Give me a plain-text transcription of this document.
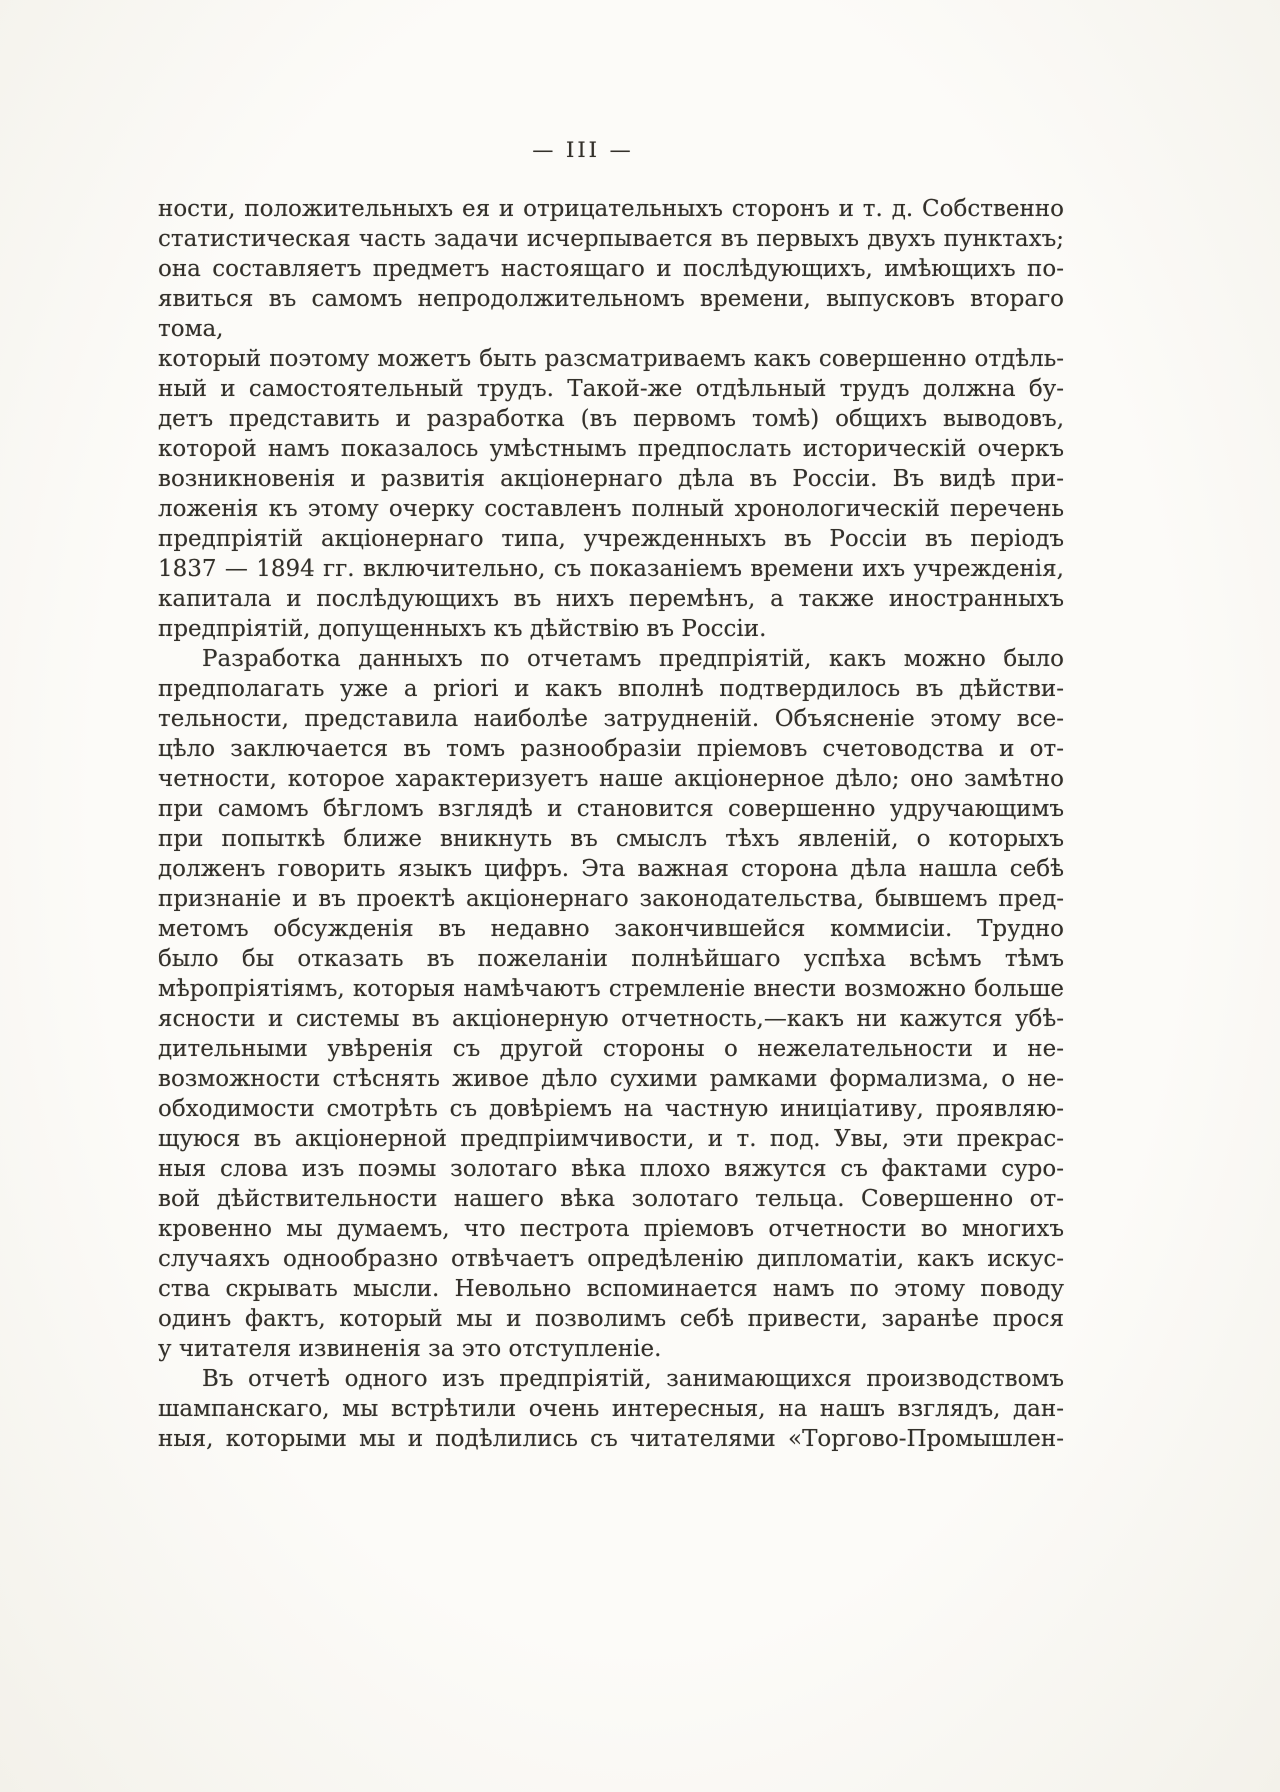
— III —
ности, положительныхъ ея и отрицательныхъ сторонъ и т. д. Собственно
статистическая часть задачи исчерпывается въ первыхъ двухъ пунктахъ;
она составляетъ предметъ настоящаго и послѣдующихъ, имѣющихъ по-
явиться въ самомъ непродолжительномъ времени, выпусковъ втораго тома,
который поэтому можетъ быть разсматриваемъ какъ совершенно отдѣль-
ный и самостоятельный трудъ. Такой-же отдѣльный трудъ должна бу-
детъ представить и разработка (въ первомъ томѣ) общихъ выводовъ,
которой намъ показалось умѣстнымъ предпослать историческій очеркъ
возникновенія и развитія акціонернаго дѣла въ Россіи. Въ видѣ при-
ложенія къ этому очерку составленъ полный хронологическій перечень
предпріятій акціонернаго типа, учрежденныхъ въ Россіи въ періодъ
1837 — 1894 гг. включительно, съ показаніемъ времени ихъ учрежденія,
капитала и послѣдующихъ въ нихъ перемѣнъ, а также иностранныхъ
предпріятій, допущенныхъ къ дѣйствію въ Россіи.
Разработка данныхъ по отчетамъ предпріятій, какъ можно было
предполагать уже a priori и какъ вполнѣ подтвердилось въ дѣйстви-
тельности, представила наиболѣе затрудненій. Объясненіе этому все-
цѣло заключается въ томъ разнообразіи пріемовъ счетоводства и от-
четности, которое характеризуетъ наше акціонерное дѣло; оно замѣтно
при самомъ бѣгломъ взглядѣ и становится совершенно удручающимъ
при попыткѣ ближе вникнуть въ смыслъ тѣхъ явленій, о которыхъ
долженъ говорить языкъ цифръ. Эта важная сторона дѣла нашла себѣ
признаніе и въ проектѣ акціонернаго законодательства, бывшемъ пред-
метомъ обсужденія въ недавно закончившейся коммисіи. Трудно
было бы отказать въ пожеланіи полнѣйшаго успѣха всѣмъ тѣмъ
мѣропріятіямъ, которыя намѣчаютъ стремленіе внести возможно больше
ясности и системы въ акціонерную отчетность,—какъ ни кажутся убѣ-
дительными увѣренія съ другой стороны о нежелательности и не-
возможности стѣснять живое дѣло сухими рамками формализма, о не-
обходимости смотрѣть съ довѣріемъ на частную иниціативу, проявляю-
щуюся въ акціонерной предпріимчивости, и т. под. Увы, эти прекрас-
ныя слова изъ поэмы золотаго вѣка плохо вяжутся съ фактами суро-
вой дѣйствительности нашего вѣка золотаго тельца. Совершенно от-
кровенно мы думаемъ, что пестрота пріемовъ отчетности во многихъ
случаяхъ однообразно отвѣчаетъ опредѣленію дипломатіи, какъ искус-
ства скрывать мысли. Невольно вспоминается намъ по этому поводу
одинъ фактъ, который мы и позволимъ себѣ привести, заранѣе прося
у читателя извиненія за это отступленіе.
Въ отчетѣ одного изъ предпріятій, занимающихся производствомъ
шампанскаго, мы встрѣтили очень интересныя, на нашъ взглядъ, дан-
ныя, которыми мы и подѣлились съ читателями «Торгово-Промышлен-
